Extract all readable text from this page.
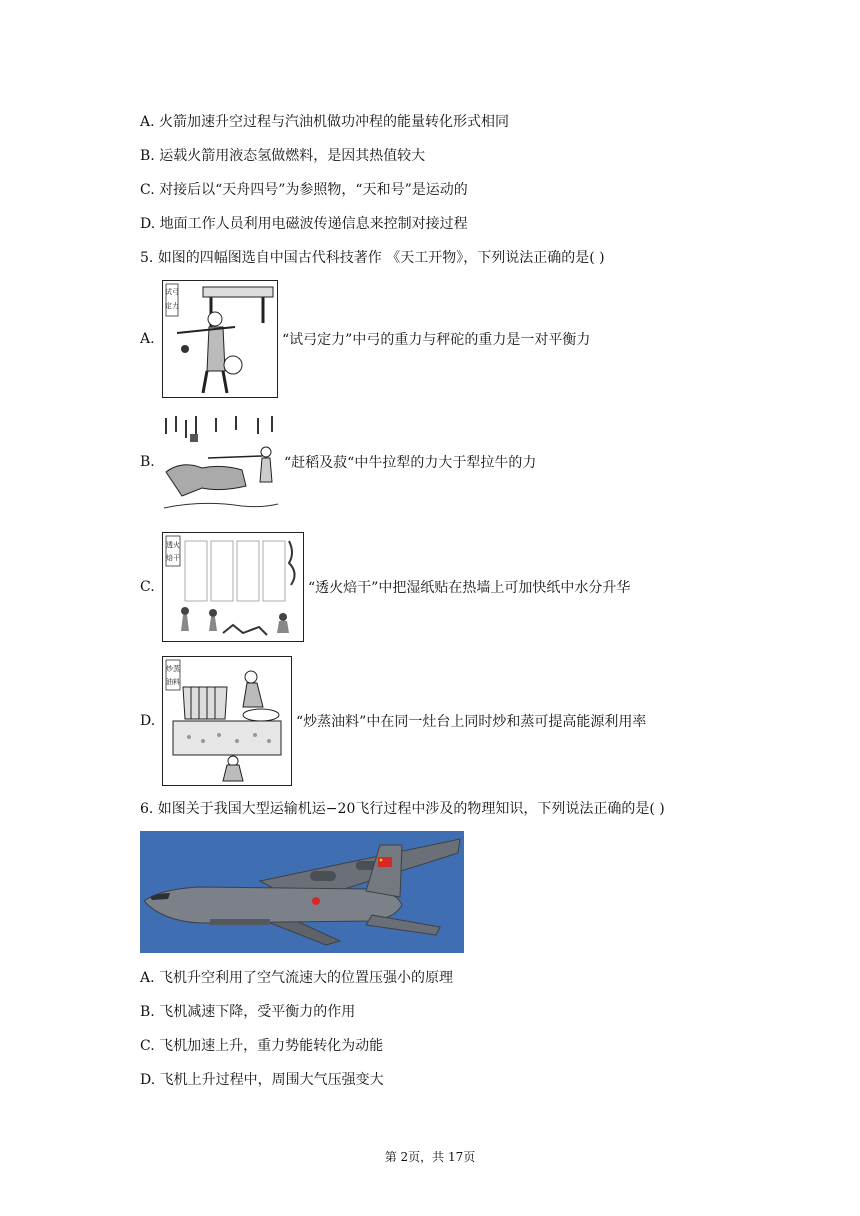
A. 火箭加速升空过程与汽油机做功冲程的能量转化形式相同
B. 运载火箭用液态氢做燃料，是因其热值较大
C. 对接后以“天舟四号”为参照物，“天和号”是运动的
D. 地面工作人员利用电磁波传递信息来控制对接过程
5. 如图的四幅图选自中国古代科技著作 《天工开物》，下列说法正确的是( )
A.
试弓
定力
“试弓定力”中弓的重力与秤砣的重力是一对平衡力
B.	“赶稻及菽“中牛拉犁的力大于犁拉牛的力
C.
透火
焙干
“透火焙干”中把湿纸贴在热墙上可加快纸中水分升华
D.
炒蒸
油料
“炒蒸油料”中在同一灶台上同时炒和蒸可提高能源利用率
6. 如图关于我国大型运输机运−20飞行过程中涉及的物理知识，下列说法正确的是( )
A. 飞机升空利用了空气流速大的位置压强小的原理
B. 飞机减速下降，受平衡力的作用
C. 飞机加速上升，重力势能转化为动能
D. 飞机上升过程中，周围大气压强变大
第 2页，共 17页
